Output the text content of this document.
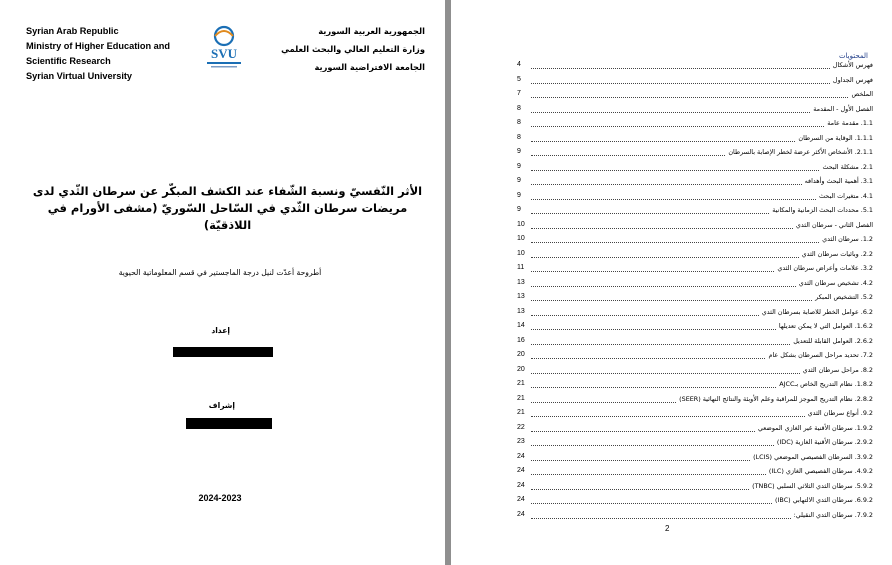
Syrian Arab Republic
Ministry of Higher Education and
Scientific Research
Syrian Virtual University
SVU
الجمهورية العربية السورية
وزارة التعليم العالي والبحث العلمي
الجامعة الافتراضية السورية
الأثر النّفسيّ ونسبة الشّفاء عند الكشف المبكّر عن سرطان الثّدي لدى
مريضات سرطان الثّدي في السّاحل السّوريّ (مشفى الأورام في اللاذقيّة)
أطروحة أعدّت لنيل درجة الماجستير في قسم المعلوماتية الحيوية
إعداد
إشراف
2024-2023
المحتويات
4	فهرس الأشكال
5	فهرس الجداول
7	الملخص
8	الفصل الأول - المقدمة
8	1.1. مقدمة عامة
8	1.1.1. الوقاية من السرطان
9	2.1.1. الأشخاص الأكثر عرضة لخطر الإصابة بالسرطان
9	2.1. مشكلة البحث
9	3.1. أهمية البحث وأهدافه
9	4.1. متغيرات البحث
9	5.1. محددات البحث الزمانية والمكانية
10	الفصل الثاني - سرطان الثدي
10	1.2. سرطان الثدي
10	2.2. وبائيات سرطان الثدي
11	3.2. علامات وأعراض سرطان الثدي
13	4.2. تشخيص سرطان الثدي
13	5.2. التشخيص المبكر
13	6.2. عوامل الخطر للاصابة بسرطان الثدي
14	1.6.2. العوامل التي لا يمكن تعديلها
16	2.6.2. العوامل القابلة للتعديل
20	7.2. تحديد مراحل السرطان بشكل عام
20	8.2. مراحل سرطان الثدي
21	1.8.2. نظام التدريج الخاص بـAJCC
21	2.8.2. نظام التدريج الموجز للمراقبة وعلم الأوبئة والنتائج النهائية (SEER)
21	9.2. أنواع سرطان الثدي
22	1.9.2. سرطان الأقنية غير الغازي الموضعي
23	2.9.2. سرطان الأقنية الغازية (IDC)
24	3.9.2. السرطان الفصيصي الموضعي (LCIS)
24	4.9.2. سرطان الفصيصي الغازي (ILC)
24	5.9.2. سرطان الثدي الثلاثي السلبي (TNBC)
24	6.9.2. سرطان الثدي الالتهابي (IBC)
24	7.9.2. سرطان الثدي النقيلي:
2
